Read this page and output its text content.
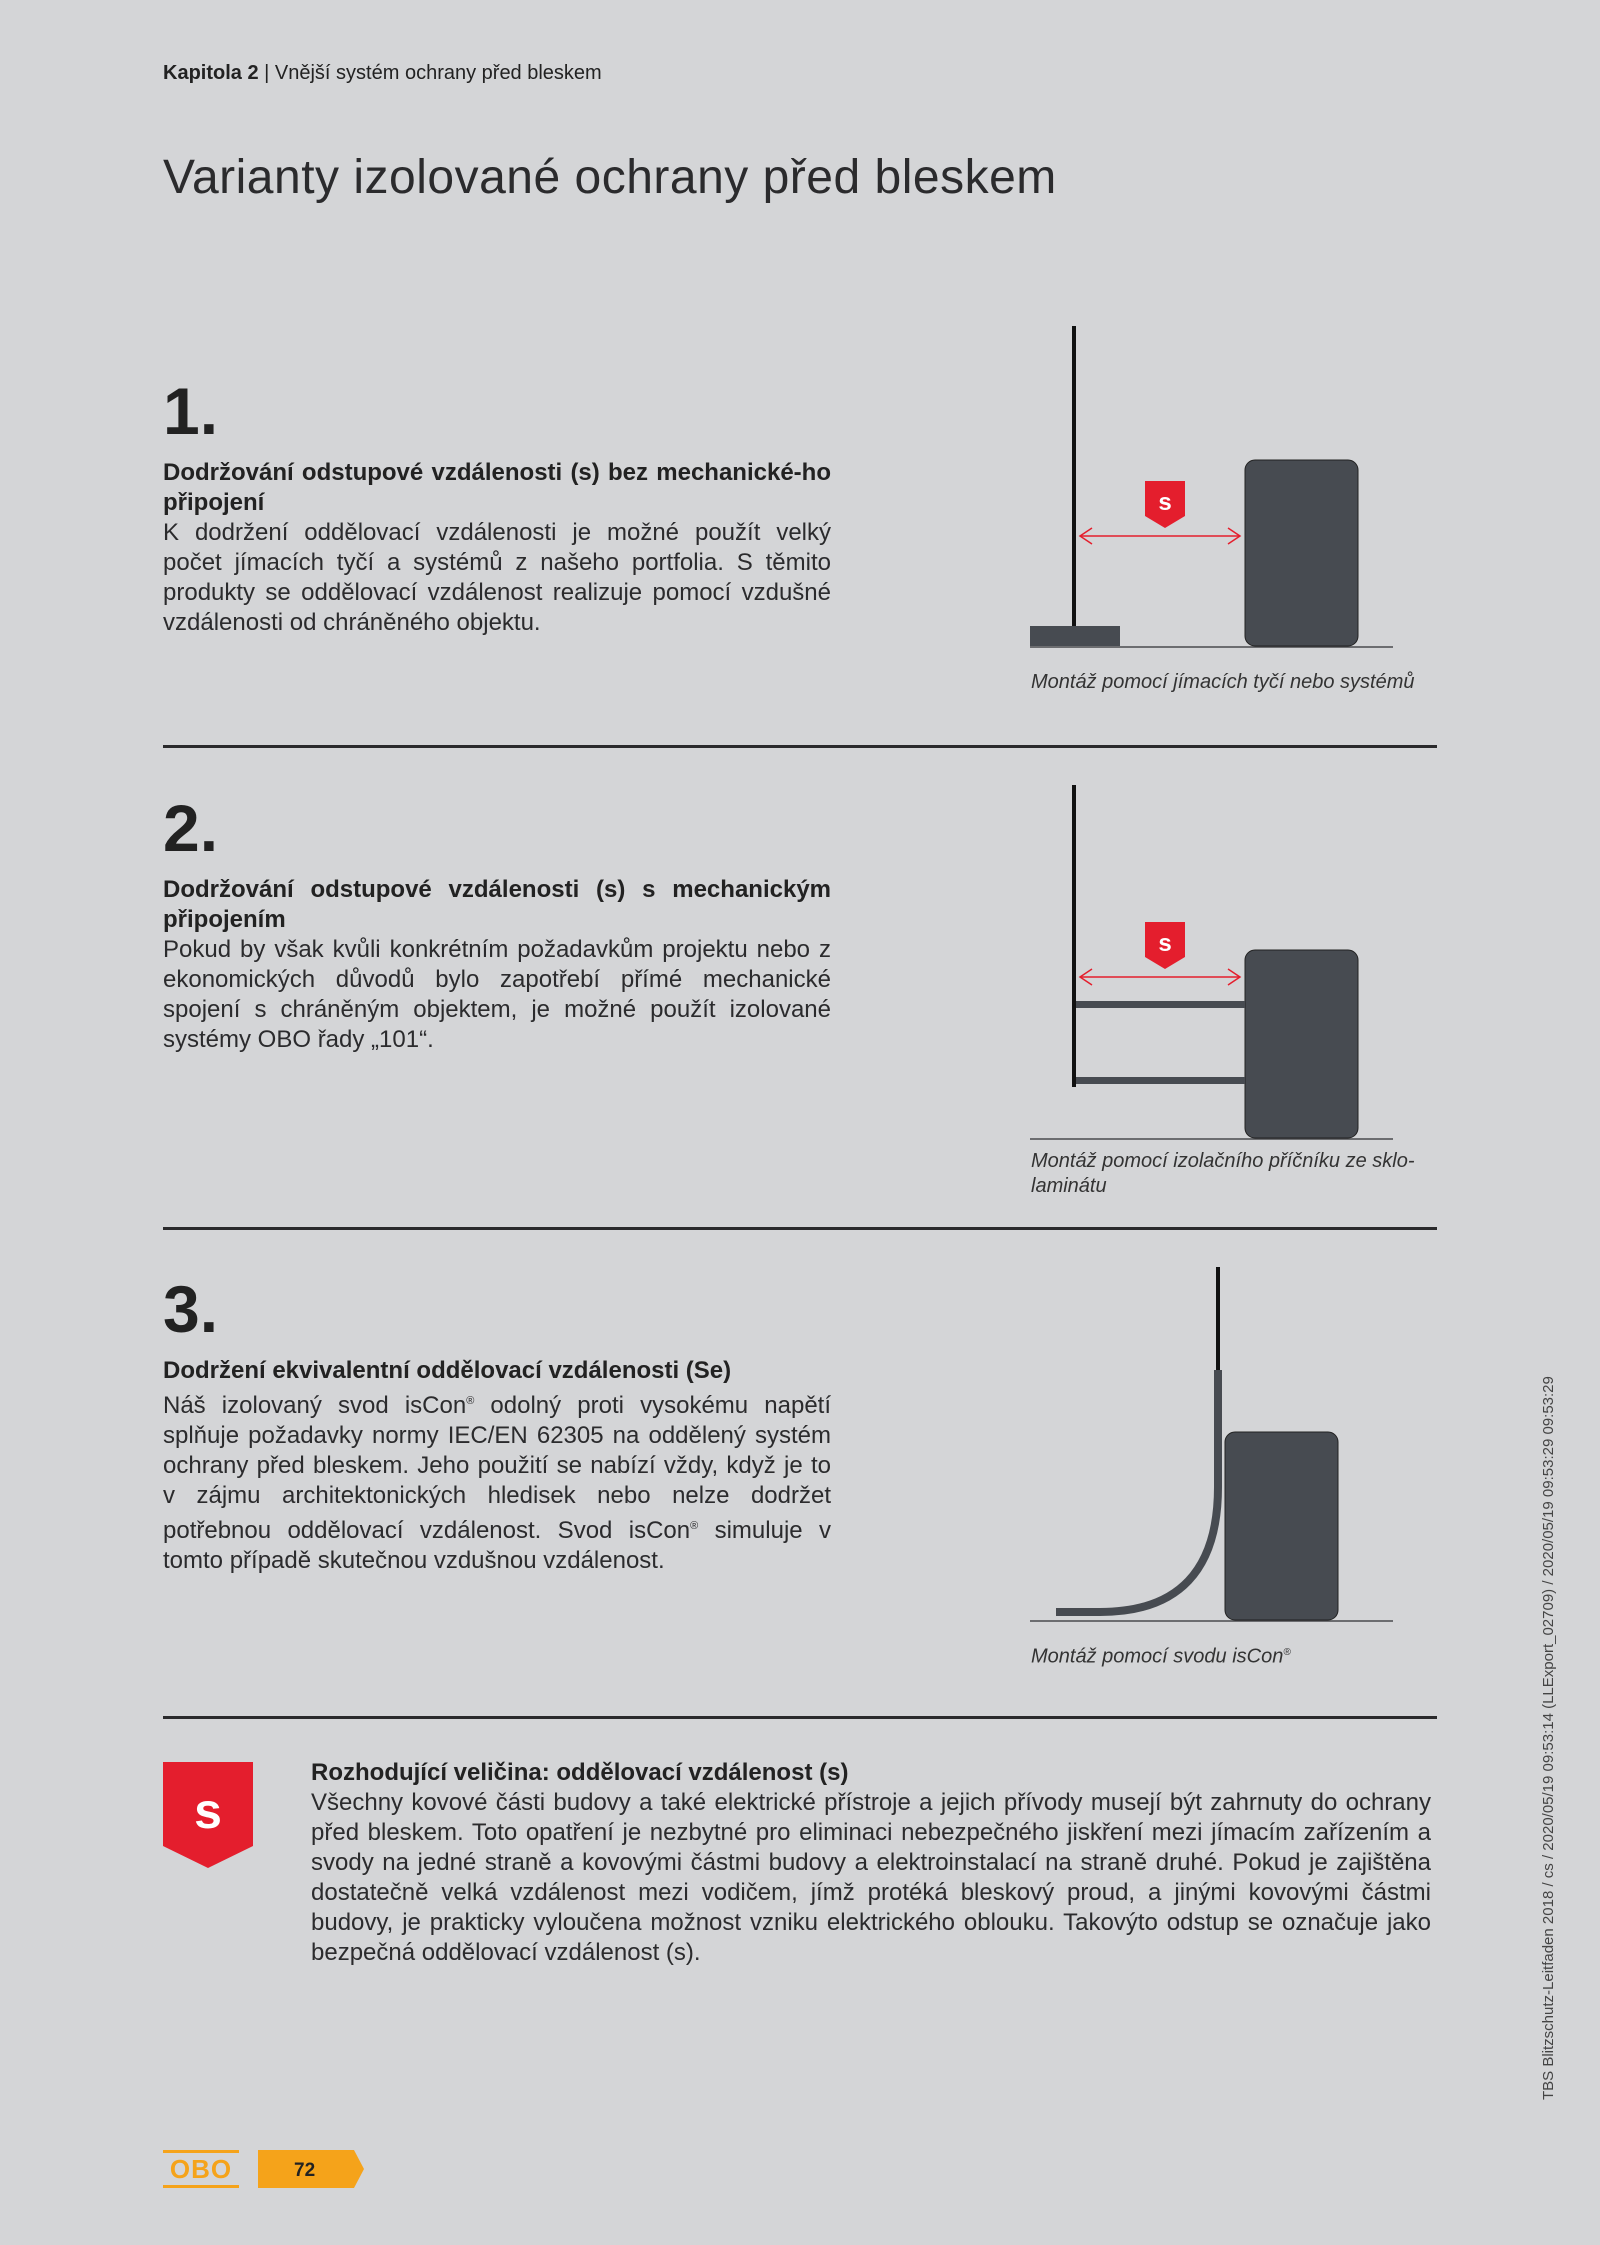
Kapitola 2 | Vnější systém ochrany před bleskem
Varianty izolované ochrany před bleskem
1.
Dodržování odstupové vzdálenosti (s) bez mechanické-ho připojení
K dodržení oddělovací vzdálenosti je možné použít velký počet jímacích tyčí a systémů z našeho portfolia. S těmito produkty se oddělovací vzdálenost realizuje pomocí vzdušné vzdálenosti od chráněného objektu.
s
Montáž pomocí jímacích tyčí nebo systémů
2.
Dodržování odstupové vzdálenosti (s) s mechanickým připojením
Pokud by však kvůli konkrétním požadavkům projektu nebo z ekonomických důvodů bylo zapotřebí přímé mechanické spojení s chráněným objektem, je možné použít izolované systémy OBO řady „101“.
s
Montáž pomocí izolačního příčníku ze sklo-laminátu
3.
Dodržení ekvivalentní oddělovací vzdálenosti (Se)
Náš izolovaný svod isCon® odolný proti vysokému napětí splňuje požadavky normy IEC/EN 62305 na oddělený systém ochrany před bleskem. Jeho použití se nabízí vždy, když je to v zájmu architektonických hledisek nebo nelze dodržet potřebnou oddělovací vzdálenost. Svod isCon® simuluje v tomto případě skutečnou vzdušnou vzdálenost.
Montáž pomocí svodu isCon®
s
Rozhodující veličina: oddělovací vzdálenost (s)
Všechny kovové části budovy a také elektrické přístroje a jejich přívody musejí být zahrnuty do ochrany před bleskem. Toto opatření je nezbytné pro eliminaci nebezpečného jiskření mezi jímacím zařízením a svody na jedné straně a kovovými částmi budovy a elektroinstalací na straně druhé. Pokud je zajištěna dostatečně velká vzdálenost mezi vodičem, jímž protéká bleskový proud, a jinými kovovými částmi budovy, je prakticky vyloučena možnost vzniku elektrického oblouku. Takovýto odstup se označuje jako bezpečná oddělovací vzdálenost (s).
OBO	72
TBS Blitzschutz-Leitfaden 2018 / cs / 2020/05/19 09:53:14 (LLExport_02709) / 2020/05/19 09:53:29 09:53:29
